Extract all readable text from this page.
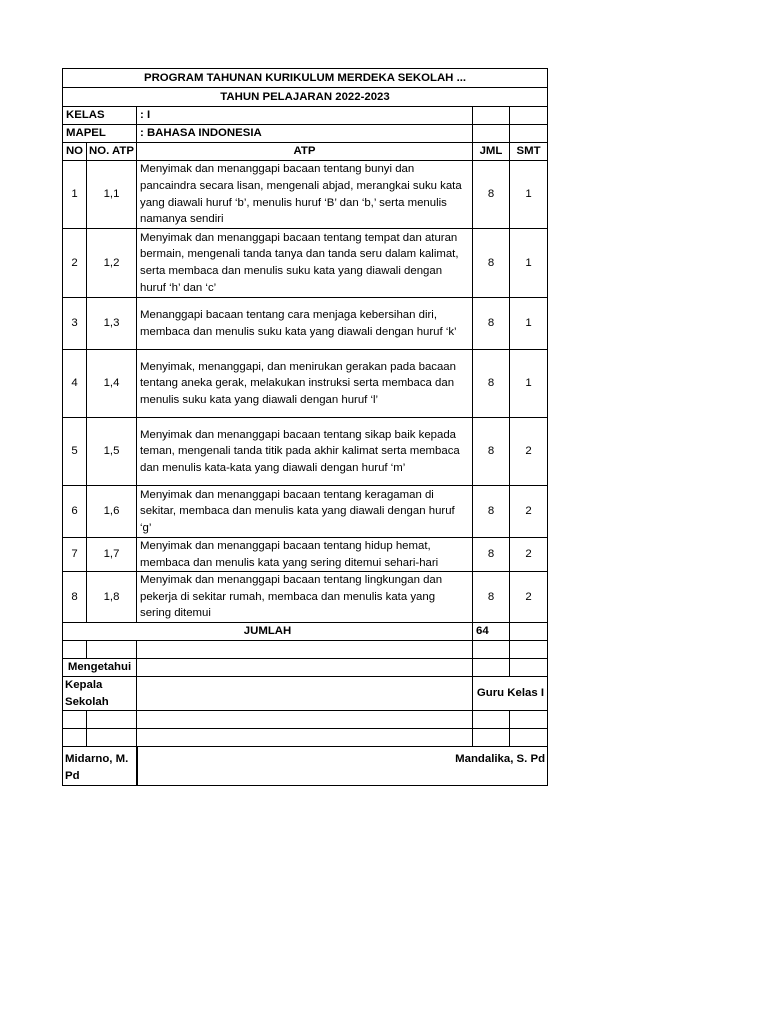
PROGRAM TAHUNAN KURIKULUM MERDEKA SEKOLAH ...				
TAHUN PELAJARAN 2022-2023				
KELAS		: I		
MAPEL		: BAHASA INDONESIA		
NO	NO. ATP	ATP	JML	SMT
1	1,1	Menyimak dan menanggapi bacaan tentang bunyi dan pancaindra secara lisan, mengenali abjad, merangkai suku kata yang diawali huruf ‘b’, menulis huruf ‘B’ dan ‘b,’ serta menulis namanya sendiri	8	1
2	1,2	Menyimak dan menanggapi bacaan tentang tempat dan aturan bermain, mengenali tanda tanya dan tanda seru dalam kalimat, serta membaca dan menulis suku kata yang diawali dengan huruf ‘h’ dan ‘c’	8	1
3	1,3	Menanggapi bacaan tentang cara menjaga kebersihan diri, membaca dan menulis suku kata yang diawali dengan huruf ‘k’	8	1
4	1,4	Menyimak, menanggapi, dan menirukan gerakan pada bacaan tentang aneka gerak, melakukan instruksi serta membaca dan menulis suku kata yang diawali dengan huruf ‘l’	8	1
5	1,5	Menyimak dan menanggapi bacaan tentang sikap baik kepada teman, mengenali tanda titik pada akhir kalimat serta membaca dan menulis kata-kata yang diawali dengan huruf ‘m’	8	2
6	1,6	Menyimak dan menanggapi bacaan tentang keragaman di sekitar, membaca dan menulis kata yang diawali dengan huruf ‘g’	8	2
7	1,7	Menyimak dan menanggapi bacaan tentang hidup hemat, membaca dan menulis kata yang sering ditemui sehari-hari	8	2
8	1,8	Menyimak dan menanggapi bacaan tentang lingkungan dan pekerja di sekitar rumah, membaca dan menulis kata yang sering ditemui	8	2
JUMLAH			64	

Mengetahui				
Kepala Sekolah			Guru Kelas I	

Midarno, M. Pd		Mandalika, S. Pd		
